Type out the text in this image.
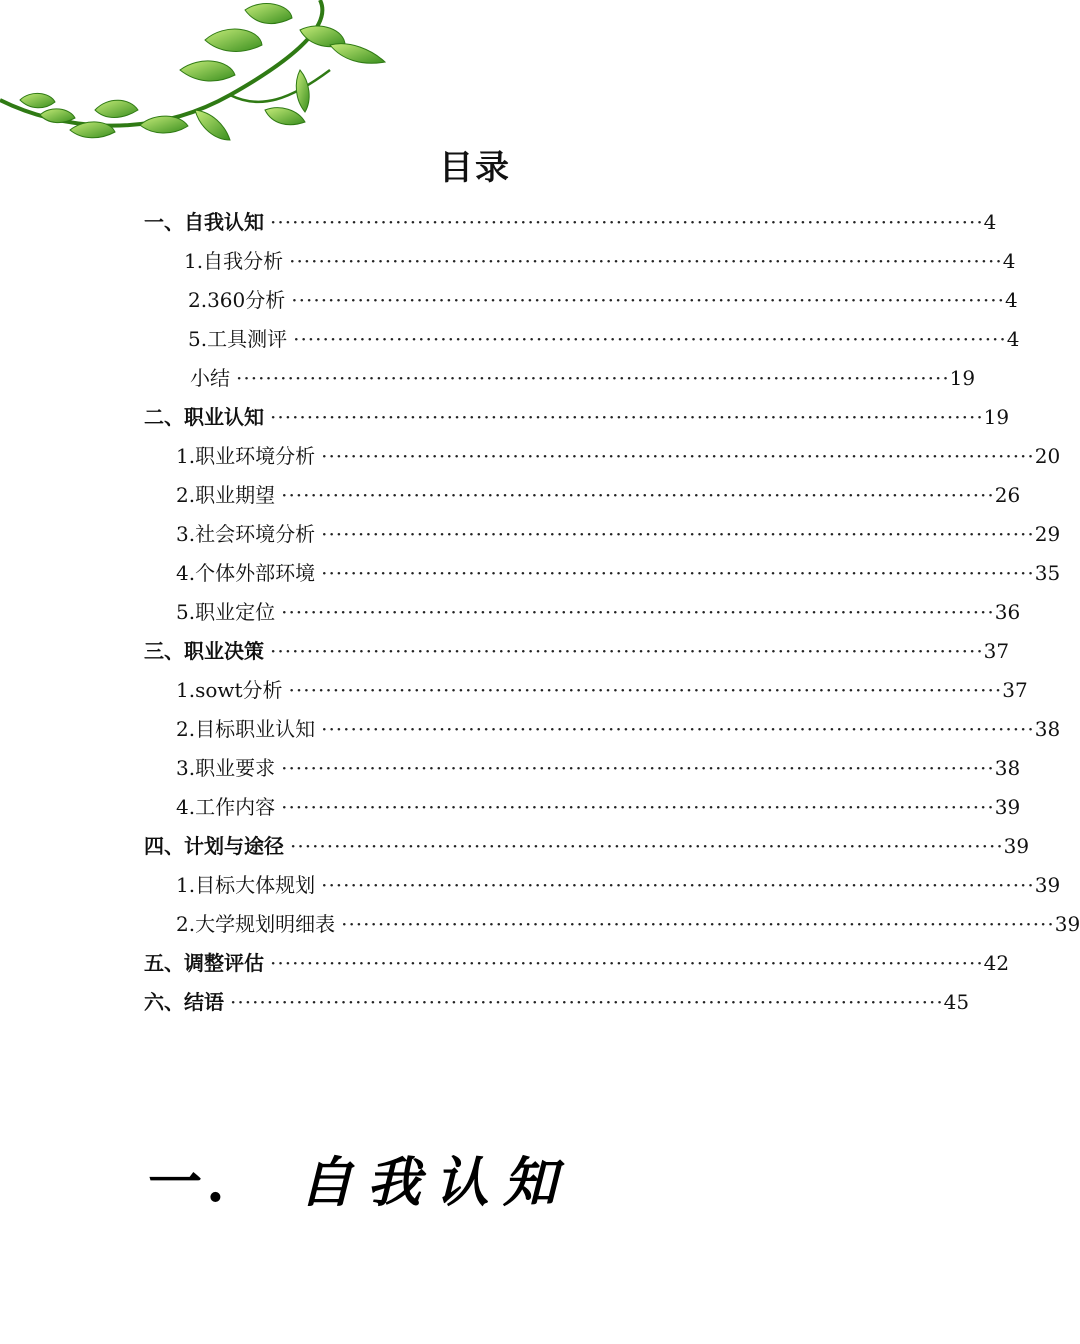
目录
一、自我认知 ································································································· 4
1.自我分析 ································································································· 4
2.360分析 ································································································· 4
5.工具测评 ································································································· 4
小结 ································································································· 19
二、职业认知 ································································································· 19
1.职业环境分析 ································································································· 20
2.职业期望 ································································································· 26
3.社会环境分析 ································································································· 29
4.个体外部环境 ································································································· 35
5.职业定位 ································································································· 36
三、职业决策 ································································································· 37
1.sowt分析 ································································································· 37
2.目标职业认知 ································································································· 38
3.职业要求 ································································································· 38
4.工作内容 ································································································· 39
四、计划与途径 ································································································· 39
1.目标大体规划 ································································································· 39
2.大学规划明细表 ································································································· 39
五、调整评估 ································································································· 42
六、结语 ································································································· 45
一. 自我认知
